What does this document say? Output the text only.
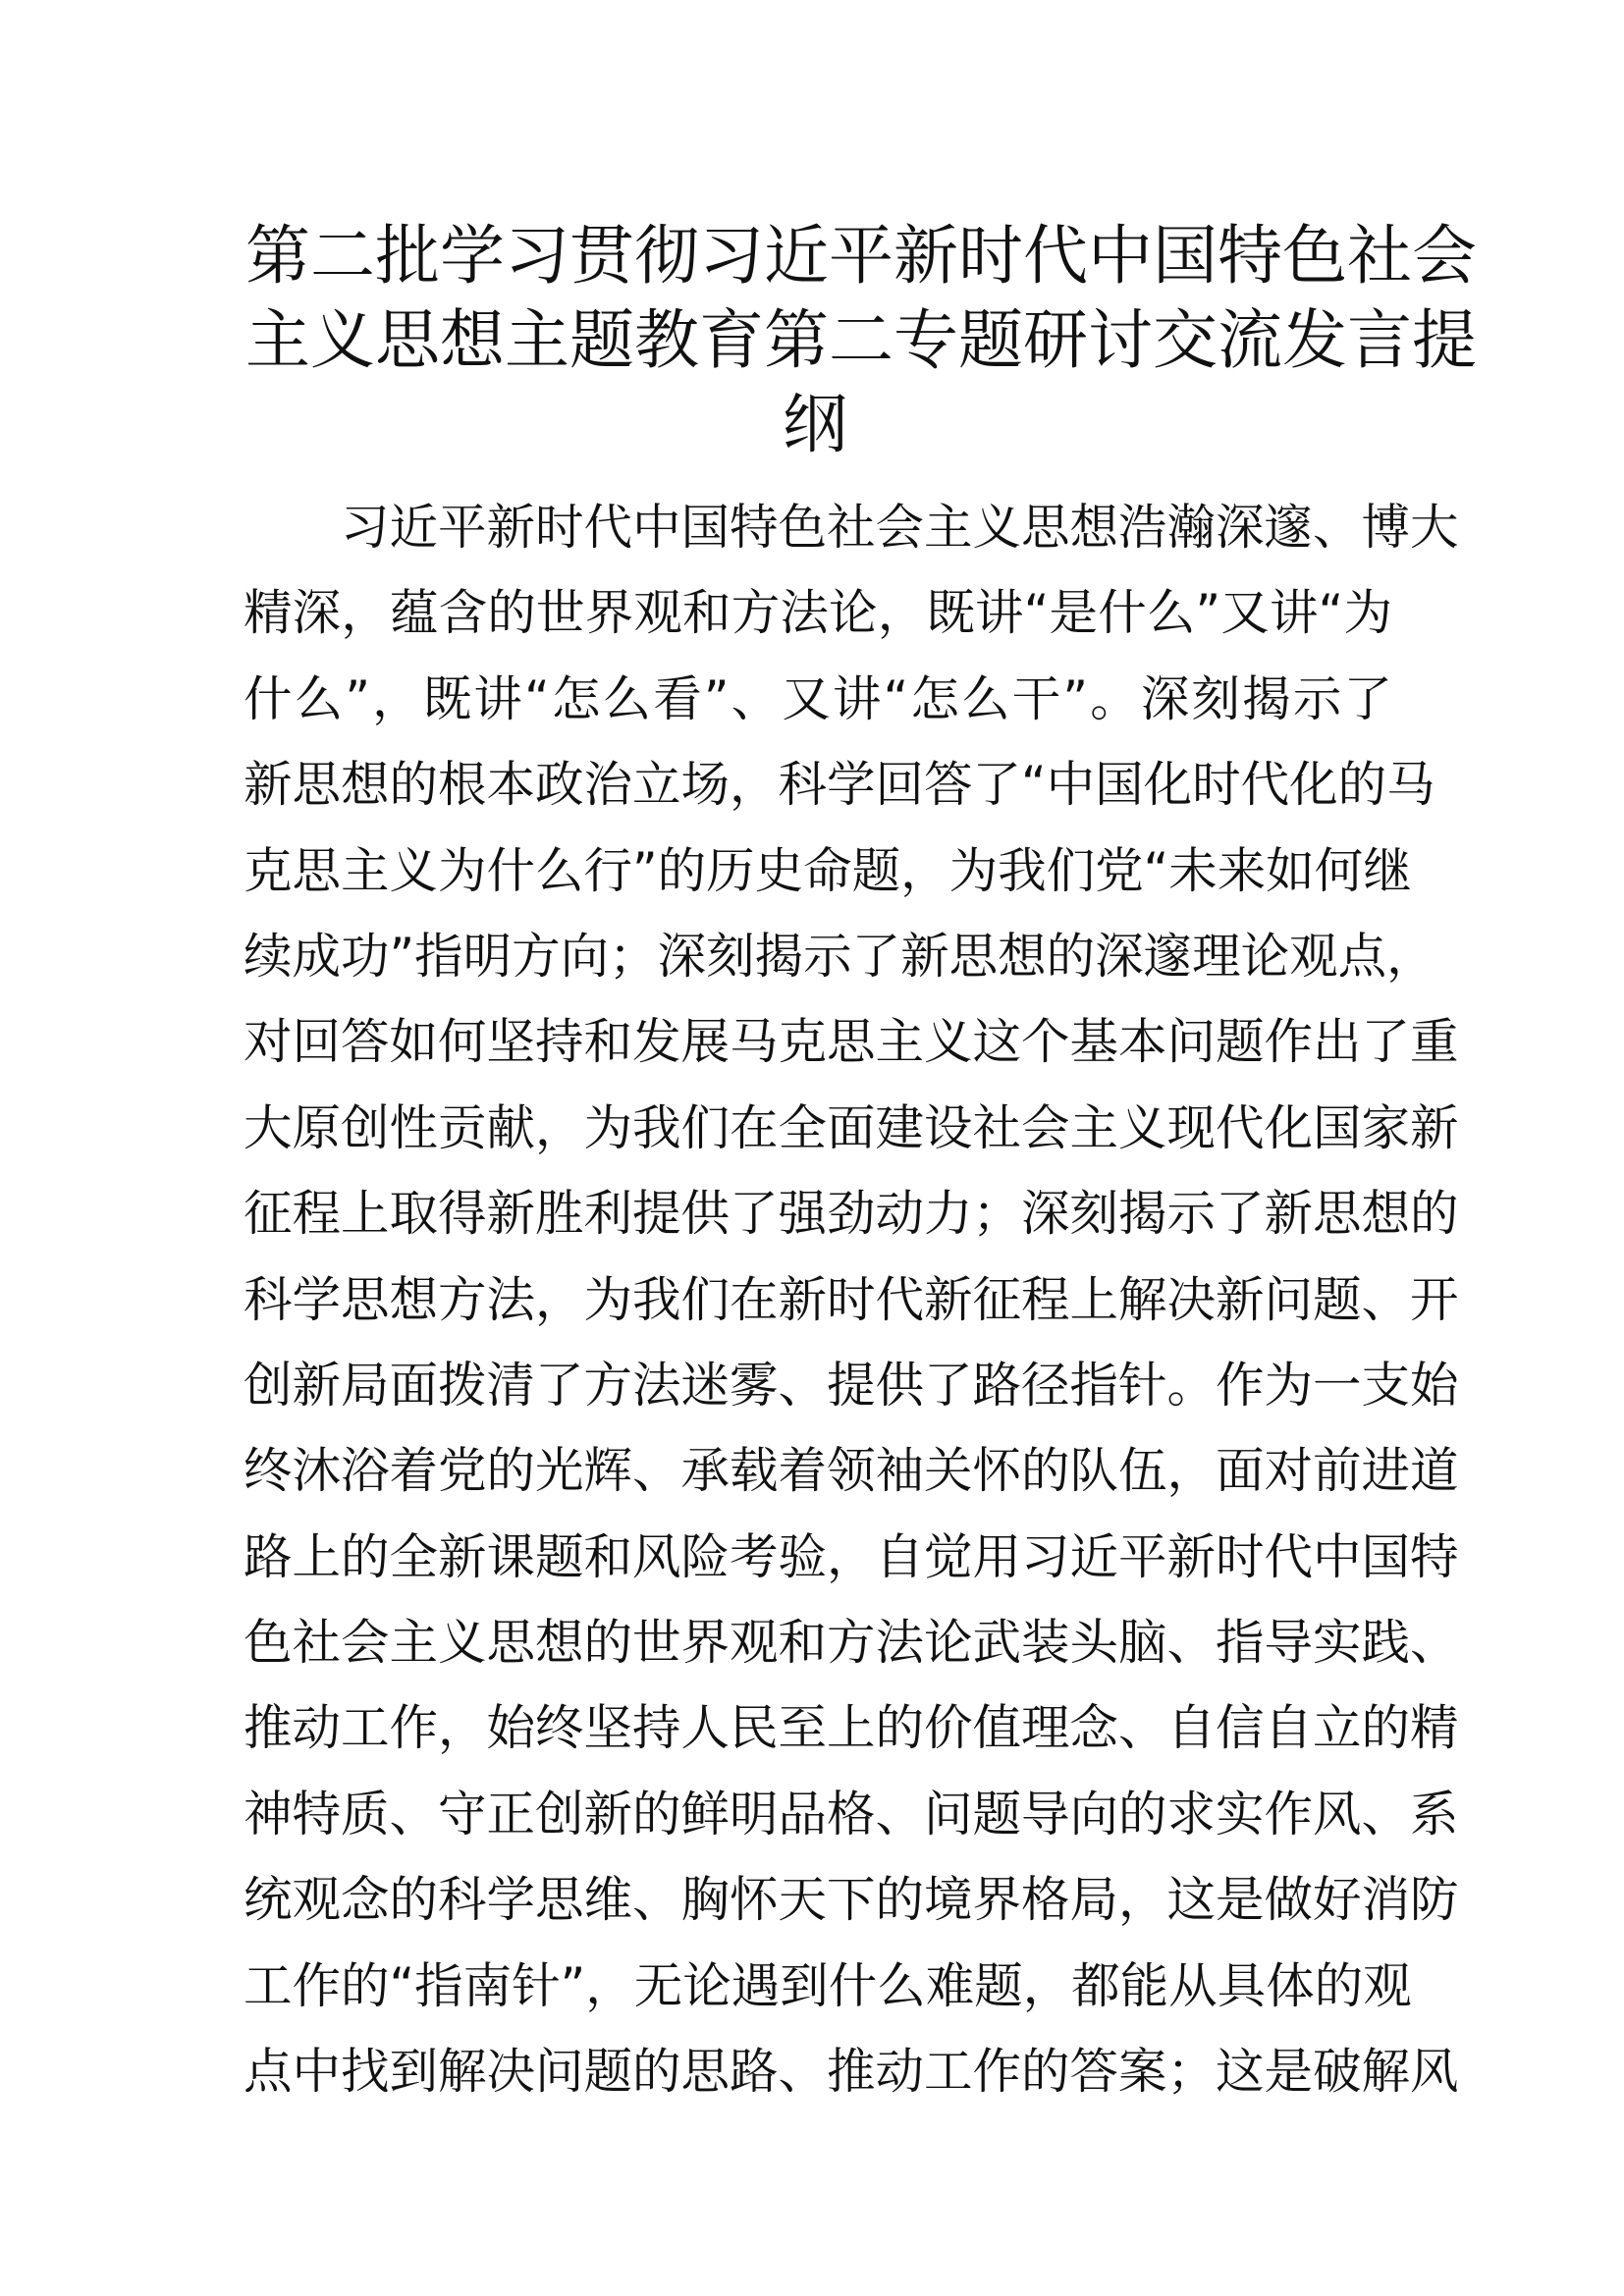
第二批学习贯彻习近平新时代中国特色社会
主义思想主题教育第二专题研讨交流发言提
纲
习近平新时代中国特色社会主义思想浩瀚深邃、博大
精深，蕴含的世界观和方法论，既讲“是什么”又讲“为
什么”，既讲“怎么看”、又讲“怎么干”。深刻揭示了
新思想的根本政治立场，科学回答了“中国化时代化的马
克思主义为什么行”的历史命题，为我们党“未来如何继
续成功”指明方向；深刻揭示了新思想的深邃理论观点，
对回答如何坚持和发展马克思主义这个基本问题作出了重
大原创性贡献，为我们在全面建设社会主义现代化国家新
征程上取得新胜利提供了强劲动力；深刻揭示了新思想的
科学思想方法，为我们在新时代新征程上解决新问题、开
创新局面拨清了方法迷雾、提供了路径指针。作为一支始
终沐浴着党的光辉、承载着领袖关怀的队伍，面对前进道
路上的全新课题和风险考验，自觉用习近平新时代中国特
色社会主义思想的世界观和方法论武装头脑、指导实践、
推动工作，始终坚持人民至上的价值理念、自信自立的精
神特质、守正创新的鲜明品格、问题导向的求实作风、系
统观念的科学思维、胸怀天下的境界格局，这是做好消防
工作的“指南针”，无论遇到什么难题，都能从具体的观
点中找到解决问题的思路、推动工作的答案；这是破解风
